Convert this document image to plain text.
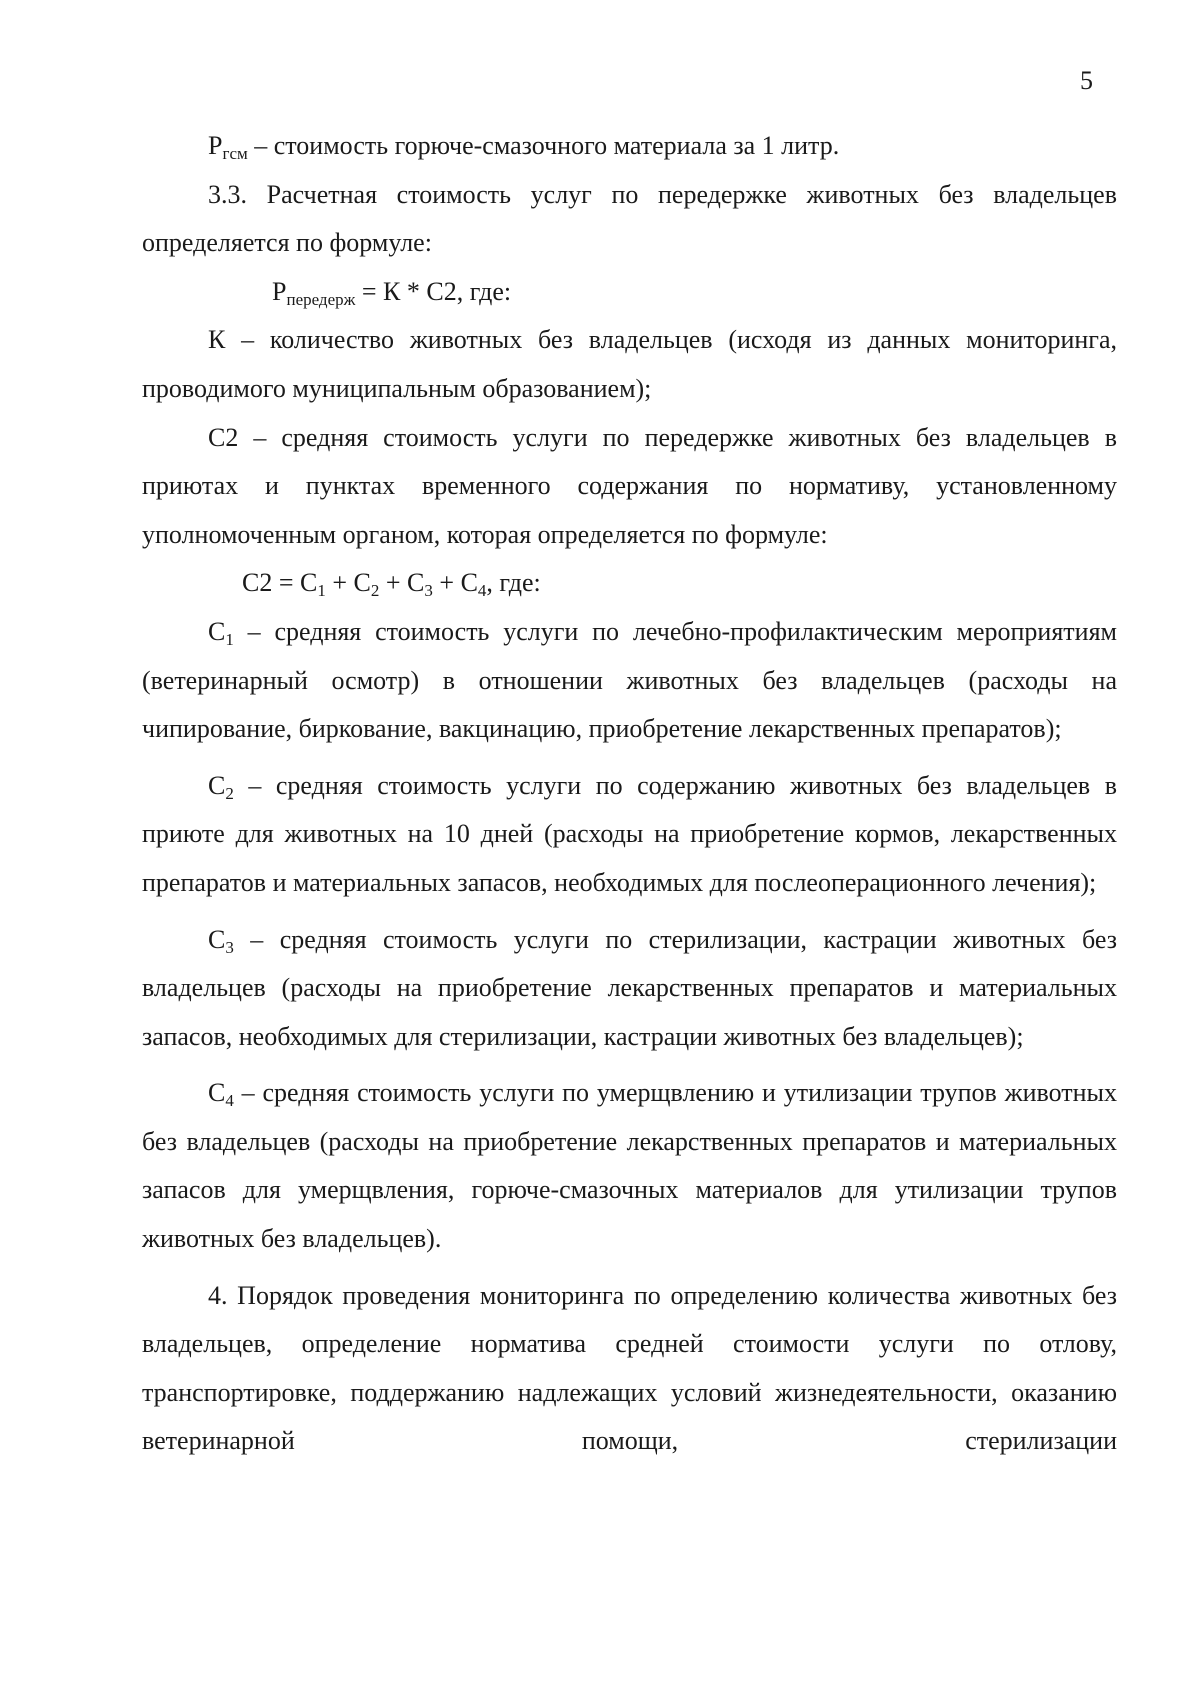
5

$Р_{гсм}$ – стоимость горюче-смазочного материала за 1 литр.

3.3. Расчетная стоимость услуг по передержке животных без владельцев определяется по формуле:

$Р_{передерж} = К * С2$, где:

К – количество животных без владельцев (исходя из данных мониторинга, проводимого муниципальным образованием);

С2 – средняя стоимость услуги по передержке животных без владельцев в приютах и пунктах временного содержания по нормативу, установленному уполномоченным органом, которая определяется по формуле:

$С2 = С_1 + С_2 + С_3 + С_4$, где:

$С_1$ – средняя стоимость услуги по лечебно-профилактическим мероприятиям (ветеринарный осмотр) в отношении животных без владельцев (расходы на чипирование, биркование, вакцинацию, приобретение лекарственных препаратов);

$С_2$ – средняя стоимость услуги по содержанию животных без владельцев в приюте для животных на 10 дней (расходы на приобретение кормов, лекарственных препаратов и материальных запасов, необходимых для послеоперационного лечения);

$С_3$ – средняя стоимость услуги по стерилизации, кастрации животных без владельцев (расходы на приобретение лекарственных препаратов и материальных запасов, необходимых для стерилизации, кастрации животных без владельцев);

$С_4$ – средняя стоимость услуги по умерщвлению и утилизации трупов животных без владельцев (расходы на приобретение лекарственных препаратов и материальных запасов для умерщвления, горюче-смазочных материалов для утилизации трупов животных без владельцев).

4. Порядок проведения мониторинга по определению количества животных без владельцев, определение норматива средней стоимости услуги по отлову, транспортировке, поддержанию надлежащих условий жизнедеятельности, оказанию ветеринарной помощи, стерилизации
